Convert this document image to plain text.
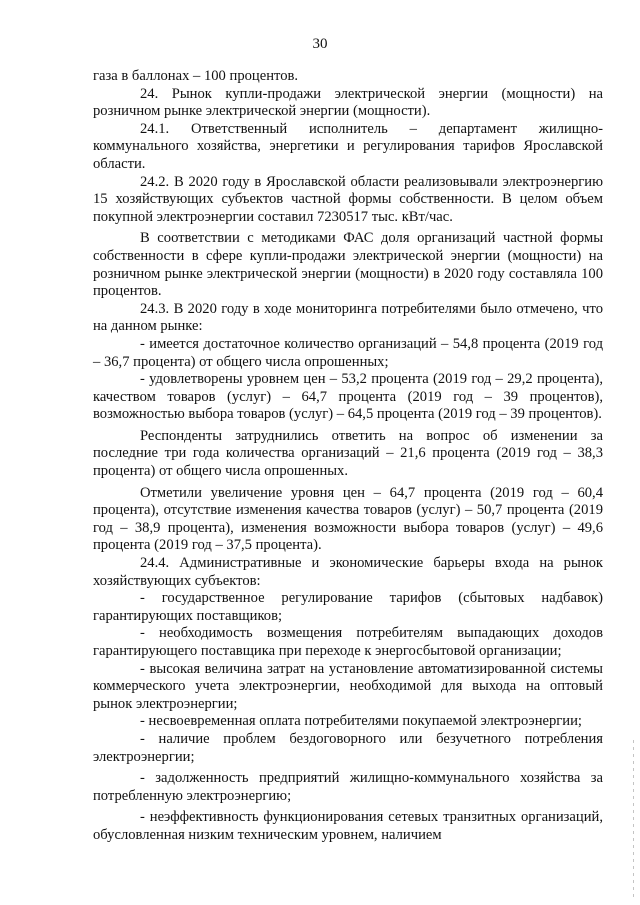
30

газа в баллонах – 100 процентов.

24. Рынок купли-продажи электрической энергии (мощности) на розничном рынке электрической энергии (мощности).

24.1. Ответственный исполнитель – департамент жилищно-коммунального хозяйства, энергетики и регулирования тарифов Ярославской области.

24.2. В 2020 году в Ярославской области реализовывали электроэнергию 15 хозяйствующих субъектов частной формы собственности. В целом объем покупной электроэнергии составил 7230517 тыс. кВт/час.

В соответствии с методиками ФАС доля организаций частной формы собственности в сфере купли-продажи электрической энергии (мощности) на розничном рынке электрической энергии (мощности) в 2020 году составляла 100 процентов.

24.3. В 2020 году в ходе мониторинга потребителями было отмечено, что на данном рынке:

- имеется достаточное количество организаций – 54,8 процента (2019 год – 36,7 процента) от общего числа опрошенных;

- удовлетворены уровнем цен – 53,2 процента (2019 год – 29,2 процента), качеством товаров (услуг) – 64,7 процента (2019 год – 39 процентов), возможностью выбора товаров (услуг) – 64,5 процента (2019 год – 39 процентов).

Респонденты затруднились ответить на вопрос об изменении за последние три года количества организаций – 21,6 процента (2019 год – 38,3 процента) от общего числа опрошенных.

Отметили увеличение уровня цен – 64,7 процента (2019 год – 60,4 процента), отсутствие изменения качества товаров (услуг) – 50,7 процента (2019 год – 38,9 процента), изменения возможности выбора товаров (услуг) – 49,6 процента (2019 год – 37,5 процента).

24.4. Административные и экономические барьеры входа на рынок хозяйствующих субъектов:

- государственное регулирование тарифов (сбытовых надбавок) гарантирующих поставщиков;

- необходимость возмещения потребителям выпадающих доходов гарантирующего поставщика при переходе к энергосбытовой организации;

- высокая величина затрат на установление автоматизированной системы коммерческого учета электроэнергии, необходимой для выхода на оптовый рынок электроэнергии;

- несвоевременная оплата потребителями покупаемой электроэнергии;

- наличие проблем бездоговорного или безучетного потребления электроэнергии;

- задолженность предприятий жилищно-коммунального хозяйства за потребленную электроэнергию;

- неэффективность функционирования сетевых транзитных организаций, обусловленная низким техническим уровнем, наличием
